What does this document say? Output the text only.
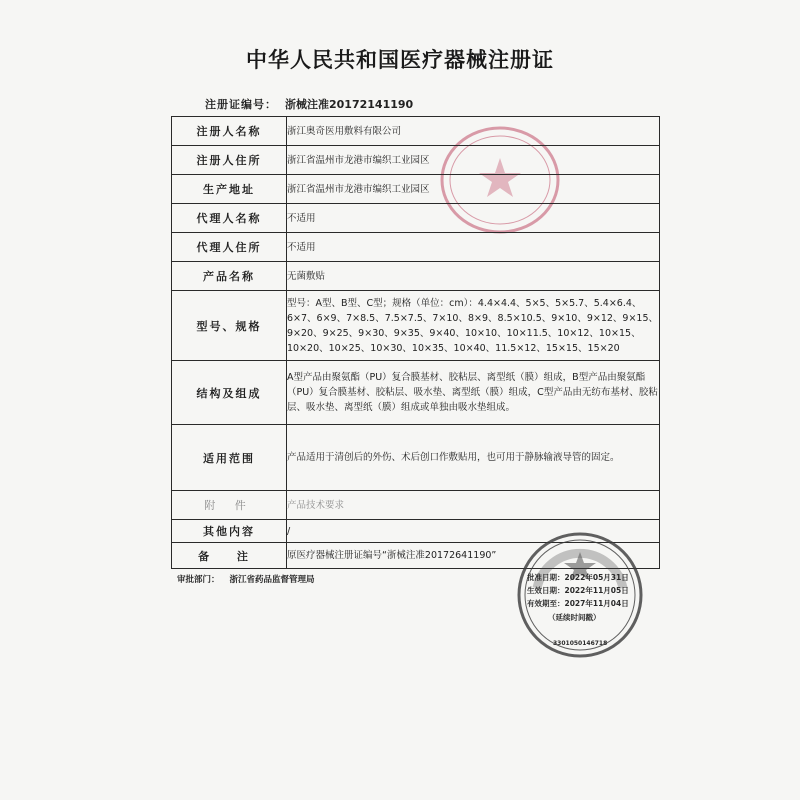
中华人民共和国医疗器械注册证
注册证编号： 浙械注准20172141190
注册人名称	浙江奥奇医用敷料有限公司
注册人住所	浙江省温州市龙港市编织工业园区
生产地址	浙江省温州市龙港市编织工业园区
代理人名称	不适用
代理人住所	不适用
产品名称	无菌敷贴
型号、规格	型号：A型、B型、C型；规格（单位：cm）：4.4×4.4、5×5、5×5.7、5.4×6.4、6×7、6×9、7×8.5、7.5×7.5、7×10、8×9、8.5×10.5、9×10、9×12、9×15、9×20、9×25、9×30、9×35、9×40、10×10、10×11.5、10×12、10×15、10×20、10×25、10×30、10×35、10×40、11.5×12、15×15、15×20
结构及组成	A型产品由聚氨酯（PU）复合膜基材、胶粘层、离型纸（膜）组成，B型产品由聚氨酯（PU）复合膜基材、胶粘层、吸水垫、离型纸（膜）组成，C型产品由无纺布基材、胶粘层、吸水垫、离型纸（膜）组成或单独由吸水垫组成。
适用范围	产品适用于清创后的外伤、术后创口作敷贴用，也可用于静脉输液导管的固定。
附 件	产品技术要求
其他内容	/
备 注	原医疗器械注册证编号“浙械注准20172641190”
审批部门： 浙江省药品监督管理局	批准日期：2022年05月31日
生效日期：2022年11月05日
有效期至：2027年11月04日
（延续时间戳）
3301050146718
